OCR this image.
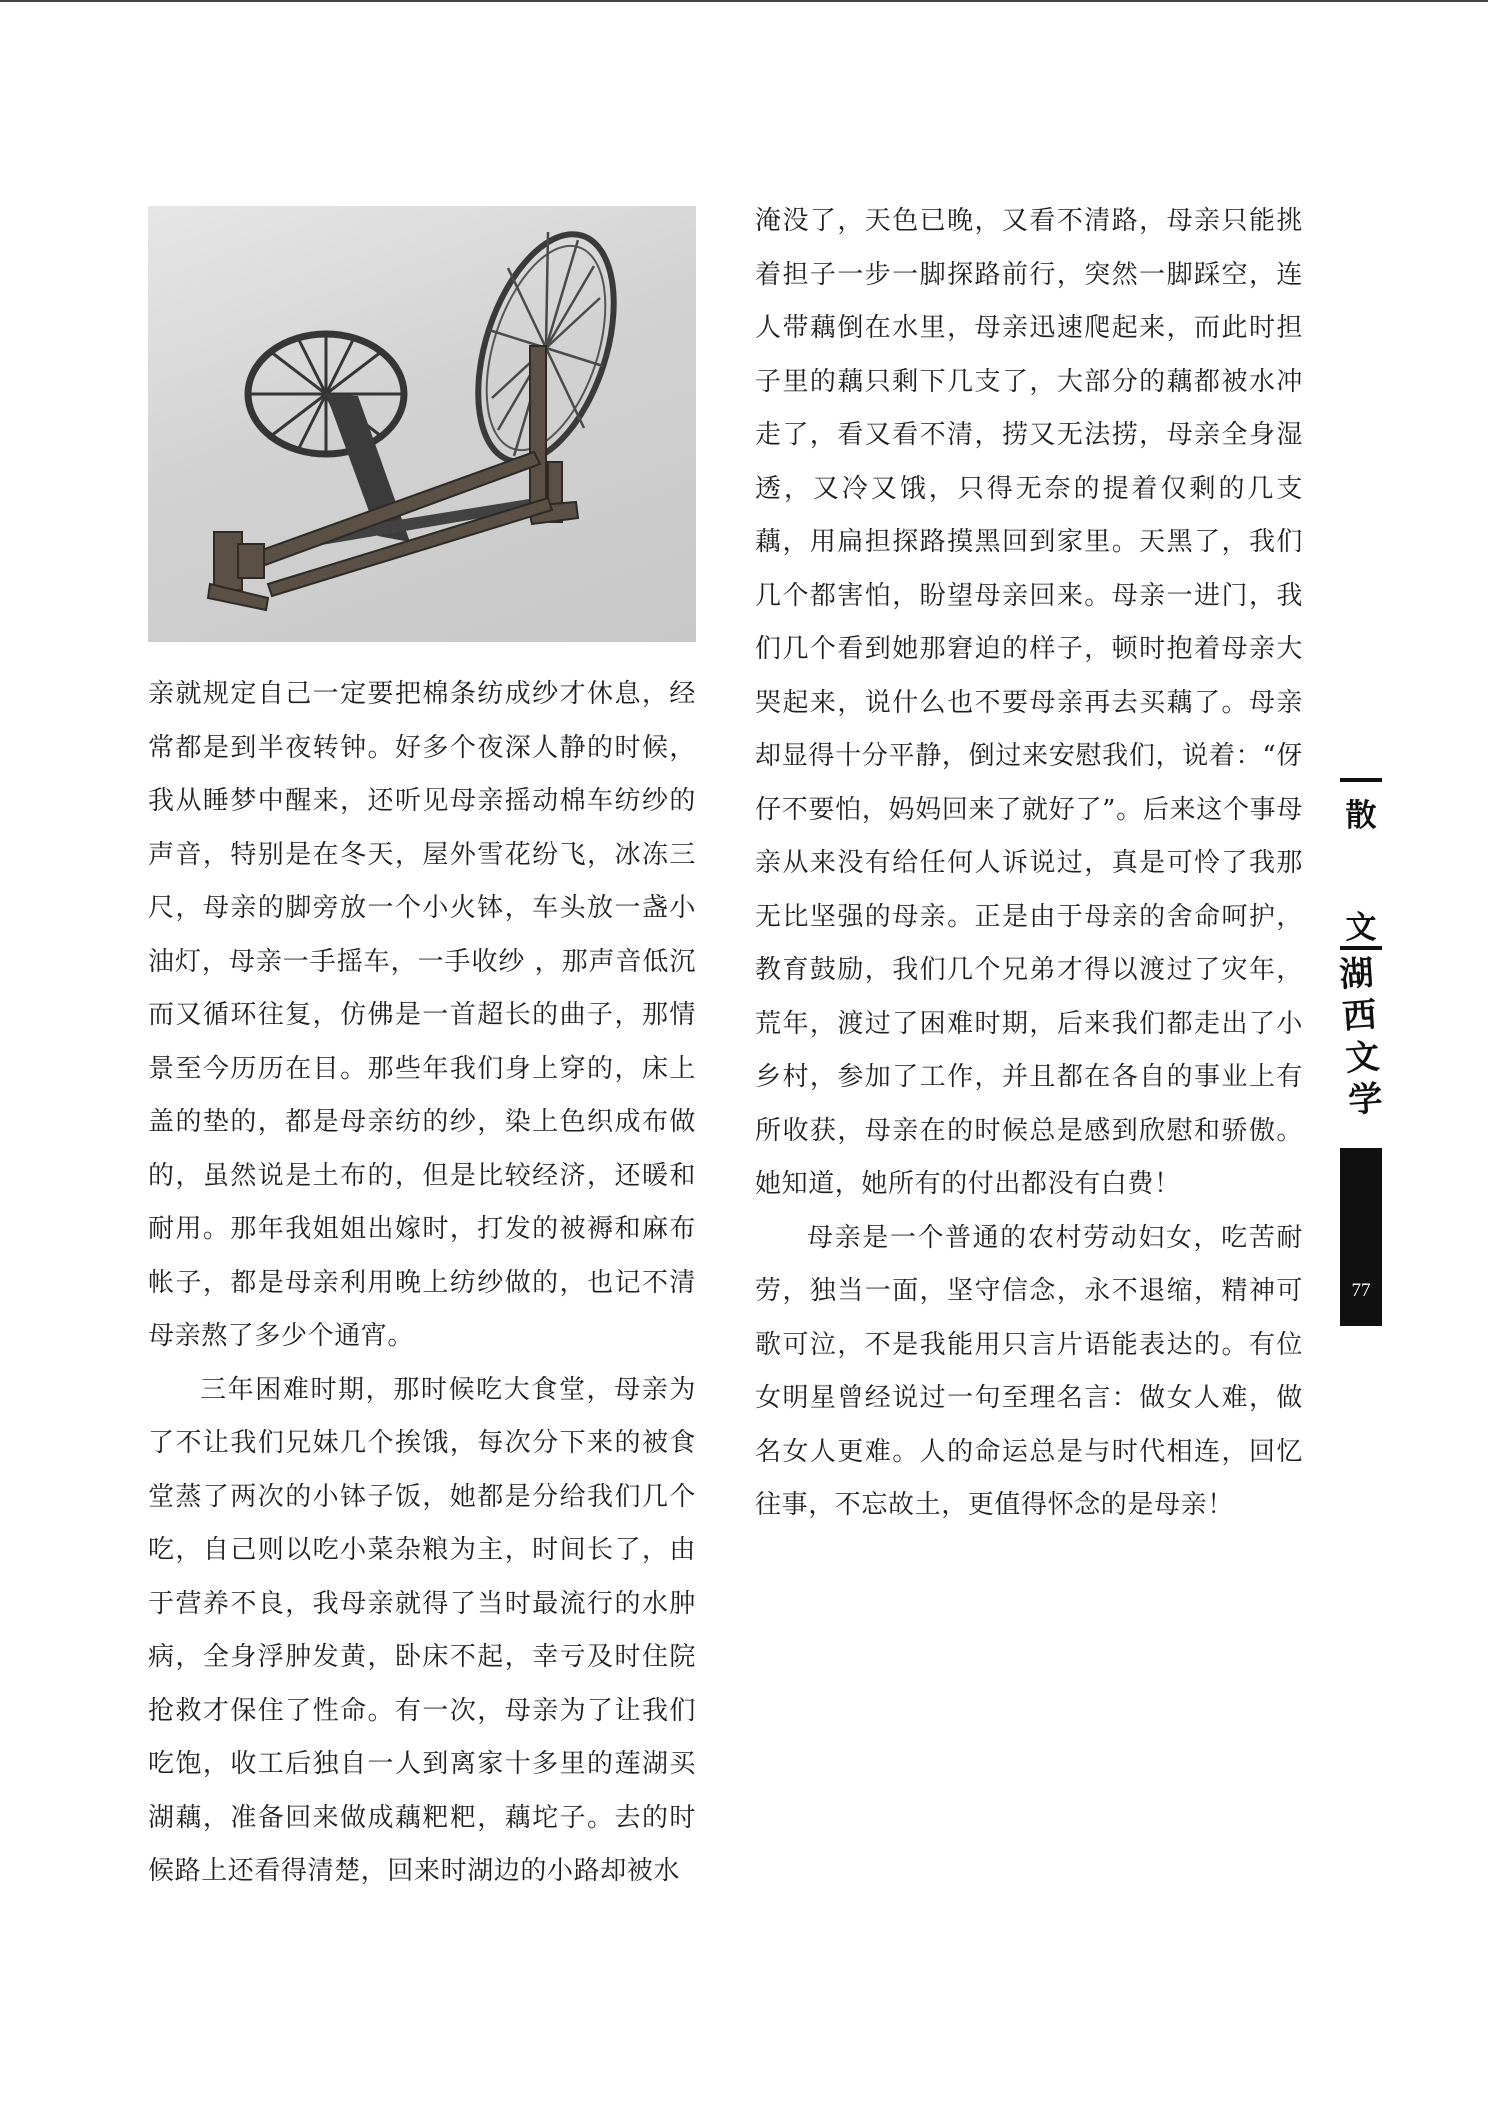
亲就规定自己一定要把棉条纺成纱才休息，经常都是到半夜转钟。好多个夜深人静的时候，我从睡梦中醒来，还听见母亲摇动棉车纺纱的声音，特别是在冬天，屋外雪花纷飞，冰冻三尺，母亲的脚旁放一个小火钵，车头放一盏小油灯，母亲一手摇车，一手收纱 ，那声音低沉而又循环往复，仿佛是一首超长的曲子，那情景至今历历在目。那些年我们身上穿的，床上盖的垫的，都是母亲纺的纱，染上色织成布做的，虽然说是土布的，但是比较经济，还暖和耐用。那年我姐姐出嫁时，打发的被褥和麻布帐子，都是母亲利用晚上纺纱做的，也记不清母亲熬了多少个通宵。

三年困难时期，那时候吃大食堂，母亲为了不让我们兄妹几个挨饿，每次分下来的被食堂蒸了两次的小钵子饭，她都是分给我们几个吃，自己则以吃小菜杂粮为主，时间长了，由于营养不良，我母亲就得了当时最流行的水肿病，全身浮肿发黄，卧床不起，幸亏及时住院抢救才保住了性命。有一次，母亲为了让我们吃饱，收工后独自一人到离家十多里的莲湖买湖藕，准备回来做成藕粑粑，藕坨子。去的时候路上还看得清楚，回来时湖边的小路却被水

淹没了，天色已晚，又看不清路，母亲只能挑着担子一步一脚探路前行，突然一脚踩空，连人带藕倒在水里，母亲迅速爬起来，而此时担子里的藕只剩下几支了，大部分的藕都被水冲走了，看又看不清，捞又无法捞，母亲全身湿透，又冷又饿，只得无奈的提着仅剩的几支藕，用扁担探路摸黑回到家里。天黑了，我们几个都害怕，盼望母亲回来。母亲一进门，我们几个看到她那窘迫的样子，顿时抱着母亲大哭起来，说什么也不要母亲再去买藕了。母亲却显得十分平静，倒过来安慰我们，说着：“伢仔不要怕，妈妈回来了就好了”。后来这个事母亲从来没有给任何人诉说过，真是可怜了我那无比坚强的母亲。正是由于母亲的舍命呵护，教育鼓励，我们几个兄弟才得以渡过了灾年，荒年，渡过了困难时期，后来我们都走出了小乡村，参加了工作，并且都在各自的事业上有所收获，母亲在的时候总是感到欣慰和骄傲。她知道，她所有的付出都没有白费！

母亲是一个普通的农村劳动妇女，吃苦耐劳，独当一面，坚守信念，永不退缩，精神可歌可泣，不是我能用只言片语能表达的。有位女明星曾经说过一句至理名言：做女人难，做名女人更难。人的命运总是与时代相连，回忆往事，不忘故土，更值得怀念的是母亲！

散
文
湖
西
文
学
77
